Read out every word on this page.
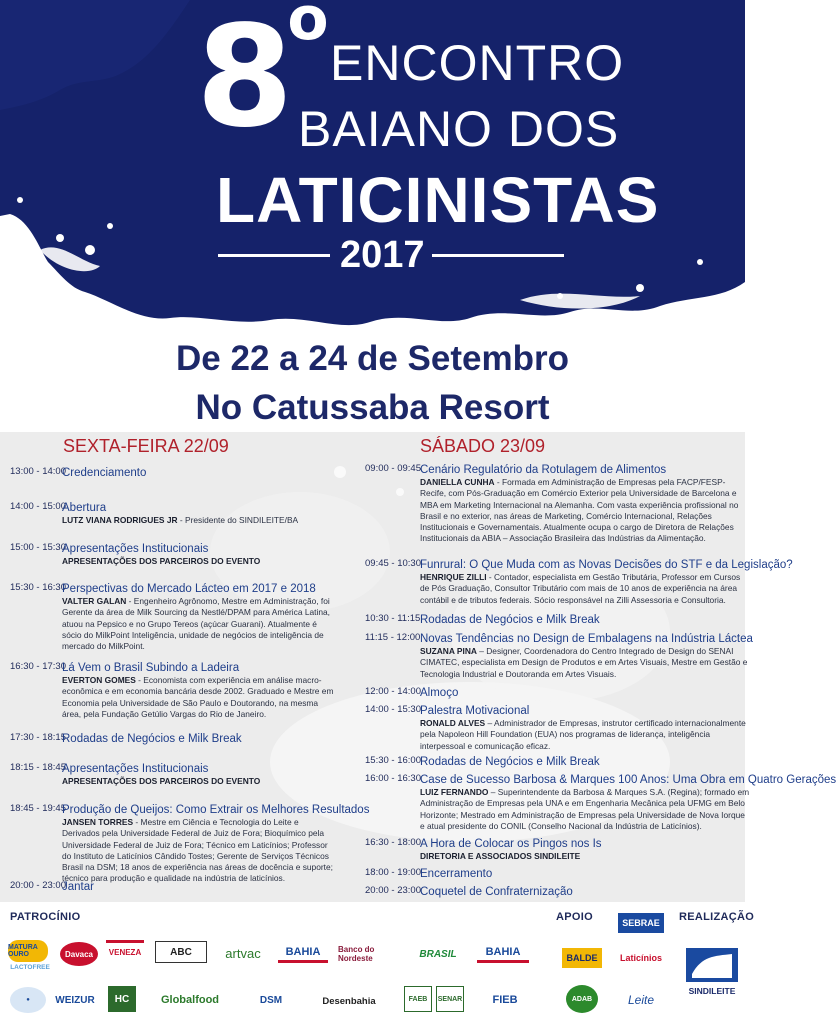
8$^o$
ENCONTRO
BAIANO DOS
LATICINISTAS
2017
De 22 a 24 de Setembro
No Catussaba Resort
SEXTA-FEIRA 22/09	SÁBADO 23/09
13:00 - 14:00
Credenciamento
14:00 - 15:00
Abertura
LUTZ VIANA RODRIGUES JR - Presidente do SINDILEITE/BA
15:00 - 15:30
Apresentações Institucionais
APRESENTAÇÕES DOS PARCEIROS DO EVENTO
15:30 - 16:30
Perspectivas do Mercado Lácteo em 2017 e 2018
VALTER GALAN - Engenheiro Agrônomo, Mestre em Administração, foi Gerente da área de Milk Sourcing da Nestlé/DPAM para América Latina, atuou na Pepsico e no Grupo Tereos (açúcar Guarani). Atualmente é sócio do MilkPoint Inteligência, unidade de negócios de inteligência de mercado do MilkPoint.
16:30 - 17:30
Lá Vem o Brasil Subindo a Ladeira
EVERTON GOMES - Economista com experiência em análise macro-econômica e em economia bancária desde 2002. Graduado e Mestre em Economia pela Universidade de São Paulo e Doutorando, na mesma área, pela Fundação Getúlio Vargas do Rio de Janeiro.
17:30 - 18:15
Rodadas de Negócios e Milk Break
18:15 - 18:45
Apresentações Institucionais
APRESENTAÇÕES DOS PARCEIROS DO EVENTO
18:45 - 19:45
Produção de Queijos: Como Extrair os Melhores Resultados
JANSEN TORRES - Mestre em Ciência e Tecnologia do Leite e Derivados pela Universidade Federal de Juiz de Fora; Bioquímico pela Universidade Federal de Juiz de Fora; Técnico em Laticínios; Professor do Instituto de Laticínios Cândido Tostes; Gerente de Serviços Técnicos Brasil na DSM; 18 anos de experiência nas áreas de docência e suporte; técnico para produção e qualidade na indústria de laticínios.
20:00 - 23:00
Jantar
09:00 - 09:45 Cenário Regulatório da Rotulagem de Alimentos
DANIELLA CUNHA - Formada em Administração de Empresas pela FACP/FESP- Recife, com Pós-Graduação em Comércio Exterior pela Universidade de Barcelona e MBA em Marketing Internacional na Alemanha. Com vasta experiência profissional no Brasil e no exterior, nas áreas de Marketing, Comércio Internacional, Relações Institucionais e Governamentais. Atualmente ocupa o cargo de Diretora de Relações Institucionais da ABIA – Associação Brasileira das Indústrias da Alimentação.
09:45 - 10:30 Funrural: O Que Muda com as Novas Decisões do STF e da Legislação?
HENRIQUE ZILLI - Contador, especialista em Gestão Tributária, Professor em Cursos de Pós Graduação, Consultor Tributário com mais de 10 anos de experiência na área contábil e de tributos federais. Sócio responsável na Zilli Assessoria e Consultoria.
10:30 - 11:15 Rodadas de Negócios e Milk Break
11:15 - 12:00 Novas Tendências no Design de Embalagens na Indústria Láctea
SUZANA PINA – Designer, Coordenadora do Centro Integrado de Design do SENAI CIMATEC, especialista em Design de Produtos e em Artes Visuais, Mestre em Gestão e Tecnologia Industrial e Doutoranda em Artes Visuais.
12:00 - 14:00 Almoço
14:00 - 15:30 Palestra Motivacional
RONALD ALVES – Administrador de Empresas, instrutor certificado internacionalmente pela Napoleon Hill Foundation (EUA) nos programas de liderança, inteligência interpessoal e comunicação eficaz.
15:30 - 16:00 Rodadas de Negócios e Milk Break
16:00 - 16:30 Case de Sucesso Barbosa & Marques 100 Anos: Uma Obra em Quatro Gerações
LUIZ FERNANDO – Superintendente da Barbosa & Marques S.A. (Regina); formado em Administração de Empresas pela UNA e em Engenharia Mecânica pela UFMG em Belo Horizonte; Mestrado em Administração de Empresas pela Universidade de Nova Iorque e atual presidente do CONIL (Conselho Nacional da Indústria de Laticínios).
16:30 - 18:00 A Hora de Colocar os Pingos nos Is
DIRETORIA E ASSOCIADOS SINDILEITE
18:00 - 19:00 Encerramento
20:00 - 23:00 Coquetel de Confraternização
PATROCÍNIO	APOIO	REALIZAÇÃO
MATURA OURO
LACTOFREE
Davaca	VENEZA	ABC	artvac	BAHIA	Banco do Nordeste	BRASIL	BAHIA
SEBRAE
BALDE	Laticínios
●	WEIZUR	HC	Globalfood	DSM	Desenbahia	FAEB	SENAR	FIEB	ADAB	Leite
SINDILEITE
